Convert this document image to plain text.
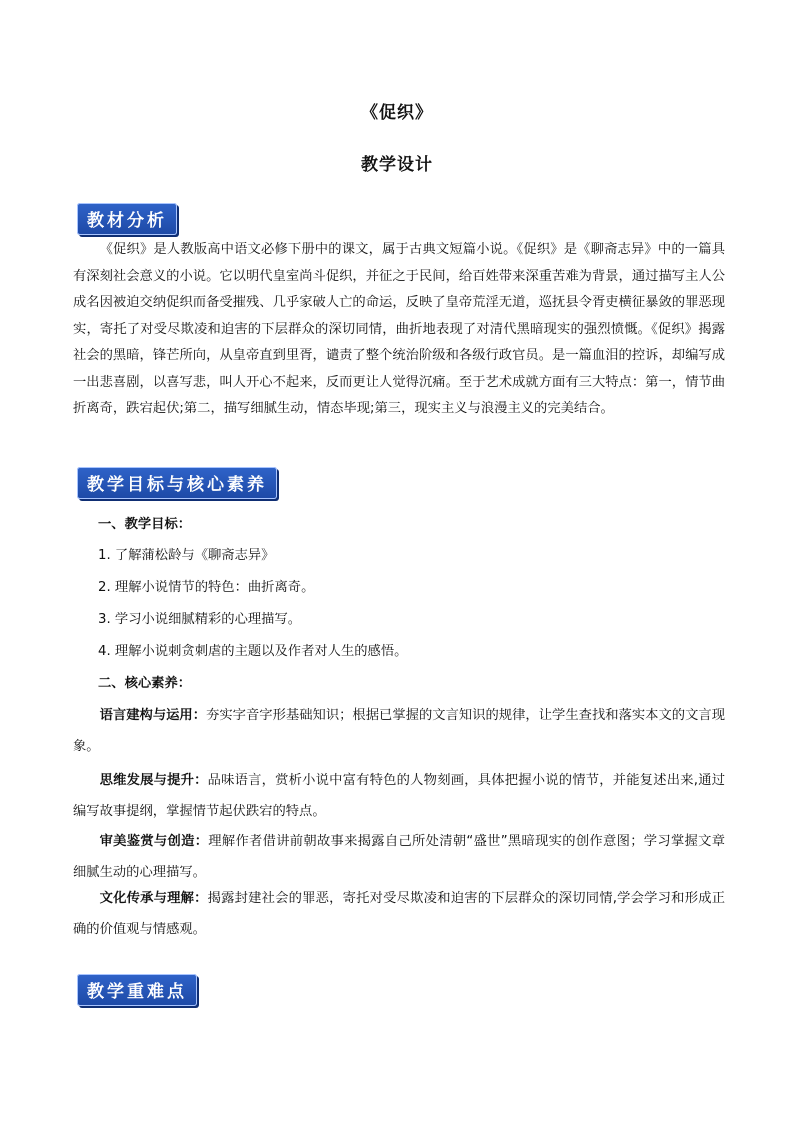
《促织》
教学设计
教材分析

《促织》是人教版高中语文必修下册中的课文，属于古典文短篇小说。《促织》是《聊斋志异》中的一篇具有深刻社会意义的小说。它以明代皇室尚斗促织，并征之于民间，给百姓带来深重苦难为背景，通过描写主人公成名因被迫交纳促织而备受摧残、几乎家破人亡的命运，反映了皇帝荒淫无道，巡抚县令胥吏横征暴敛的罪恶现实，寄托了对受尽欺凌和迫害的下层群众的深切同情，曲折地表现了对清代黑暗现实的强烈愤慨。《促织》揭露社会的黑暗，锋芒所向，从皇帝直到里胥，谴责了整个统治阶级和各级行政官员。是一篇血泪的控诉，却编写成一出悲喜剧，以喜写悲，叫人开心不起来，反而更让人觉得沉痛。至于艺术成就方面有三大特点：第一，情节曲折离奇，跌宕起伏;第二，描写细腻生动，情态毕现;第三，现实主义与浪漫主义的完美结合。

教学目标与核心素养

一、教学目标：

1. 了解蒲松龄与《聊斋志异》

2. 理解小说情节的特色：曲折离奇。

3. 学习小说细腻精彩的心理描写。

4. 理解小说刺贪刺虐的主题以及作者对人生的感悟。

二、核心素养：

语言建构与运用：夯实字音字形基础知识；根据已掌握的文言知识的规律，让学生查找和落实本文的文言现象。

思维发展与提升：品味语言，赏析小说中富有特色的人物刻画，具体把握小说的情节，并能复述出来,通过编写故事提纲，掌握情节起伏跌宕的特点。

审美鉴赏与创造：理解作者借讲前朝故事来揭露自己所处清朝“盛世”黑暗现实的创作意图；学习掌握文章细腻生动的心理描写。

文化传承与理解：揭露封建社会的罪恶，寄托对受尽欺凌和迫害的下层群众的深切同情,学会学习和形成正确的价值观与情感观。

教学重难点
